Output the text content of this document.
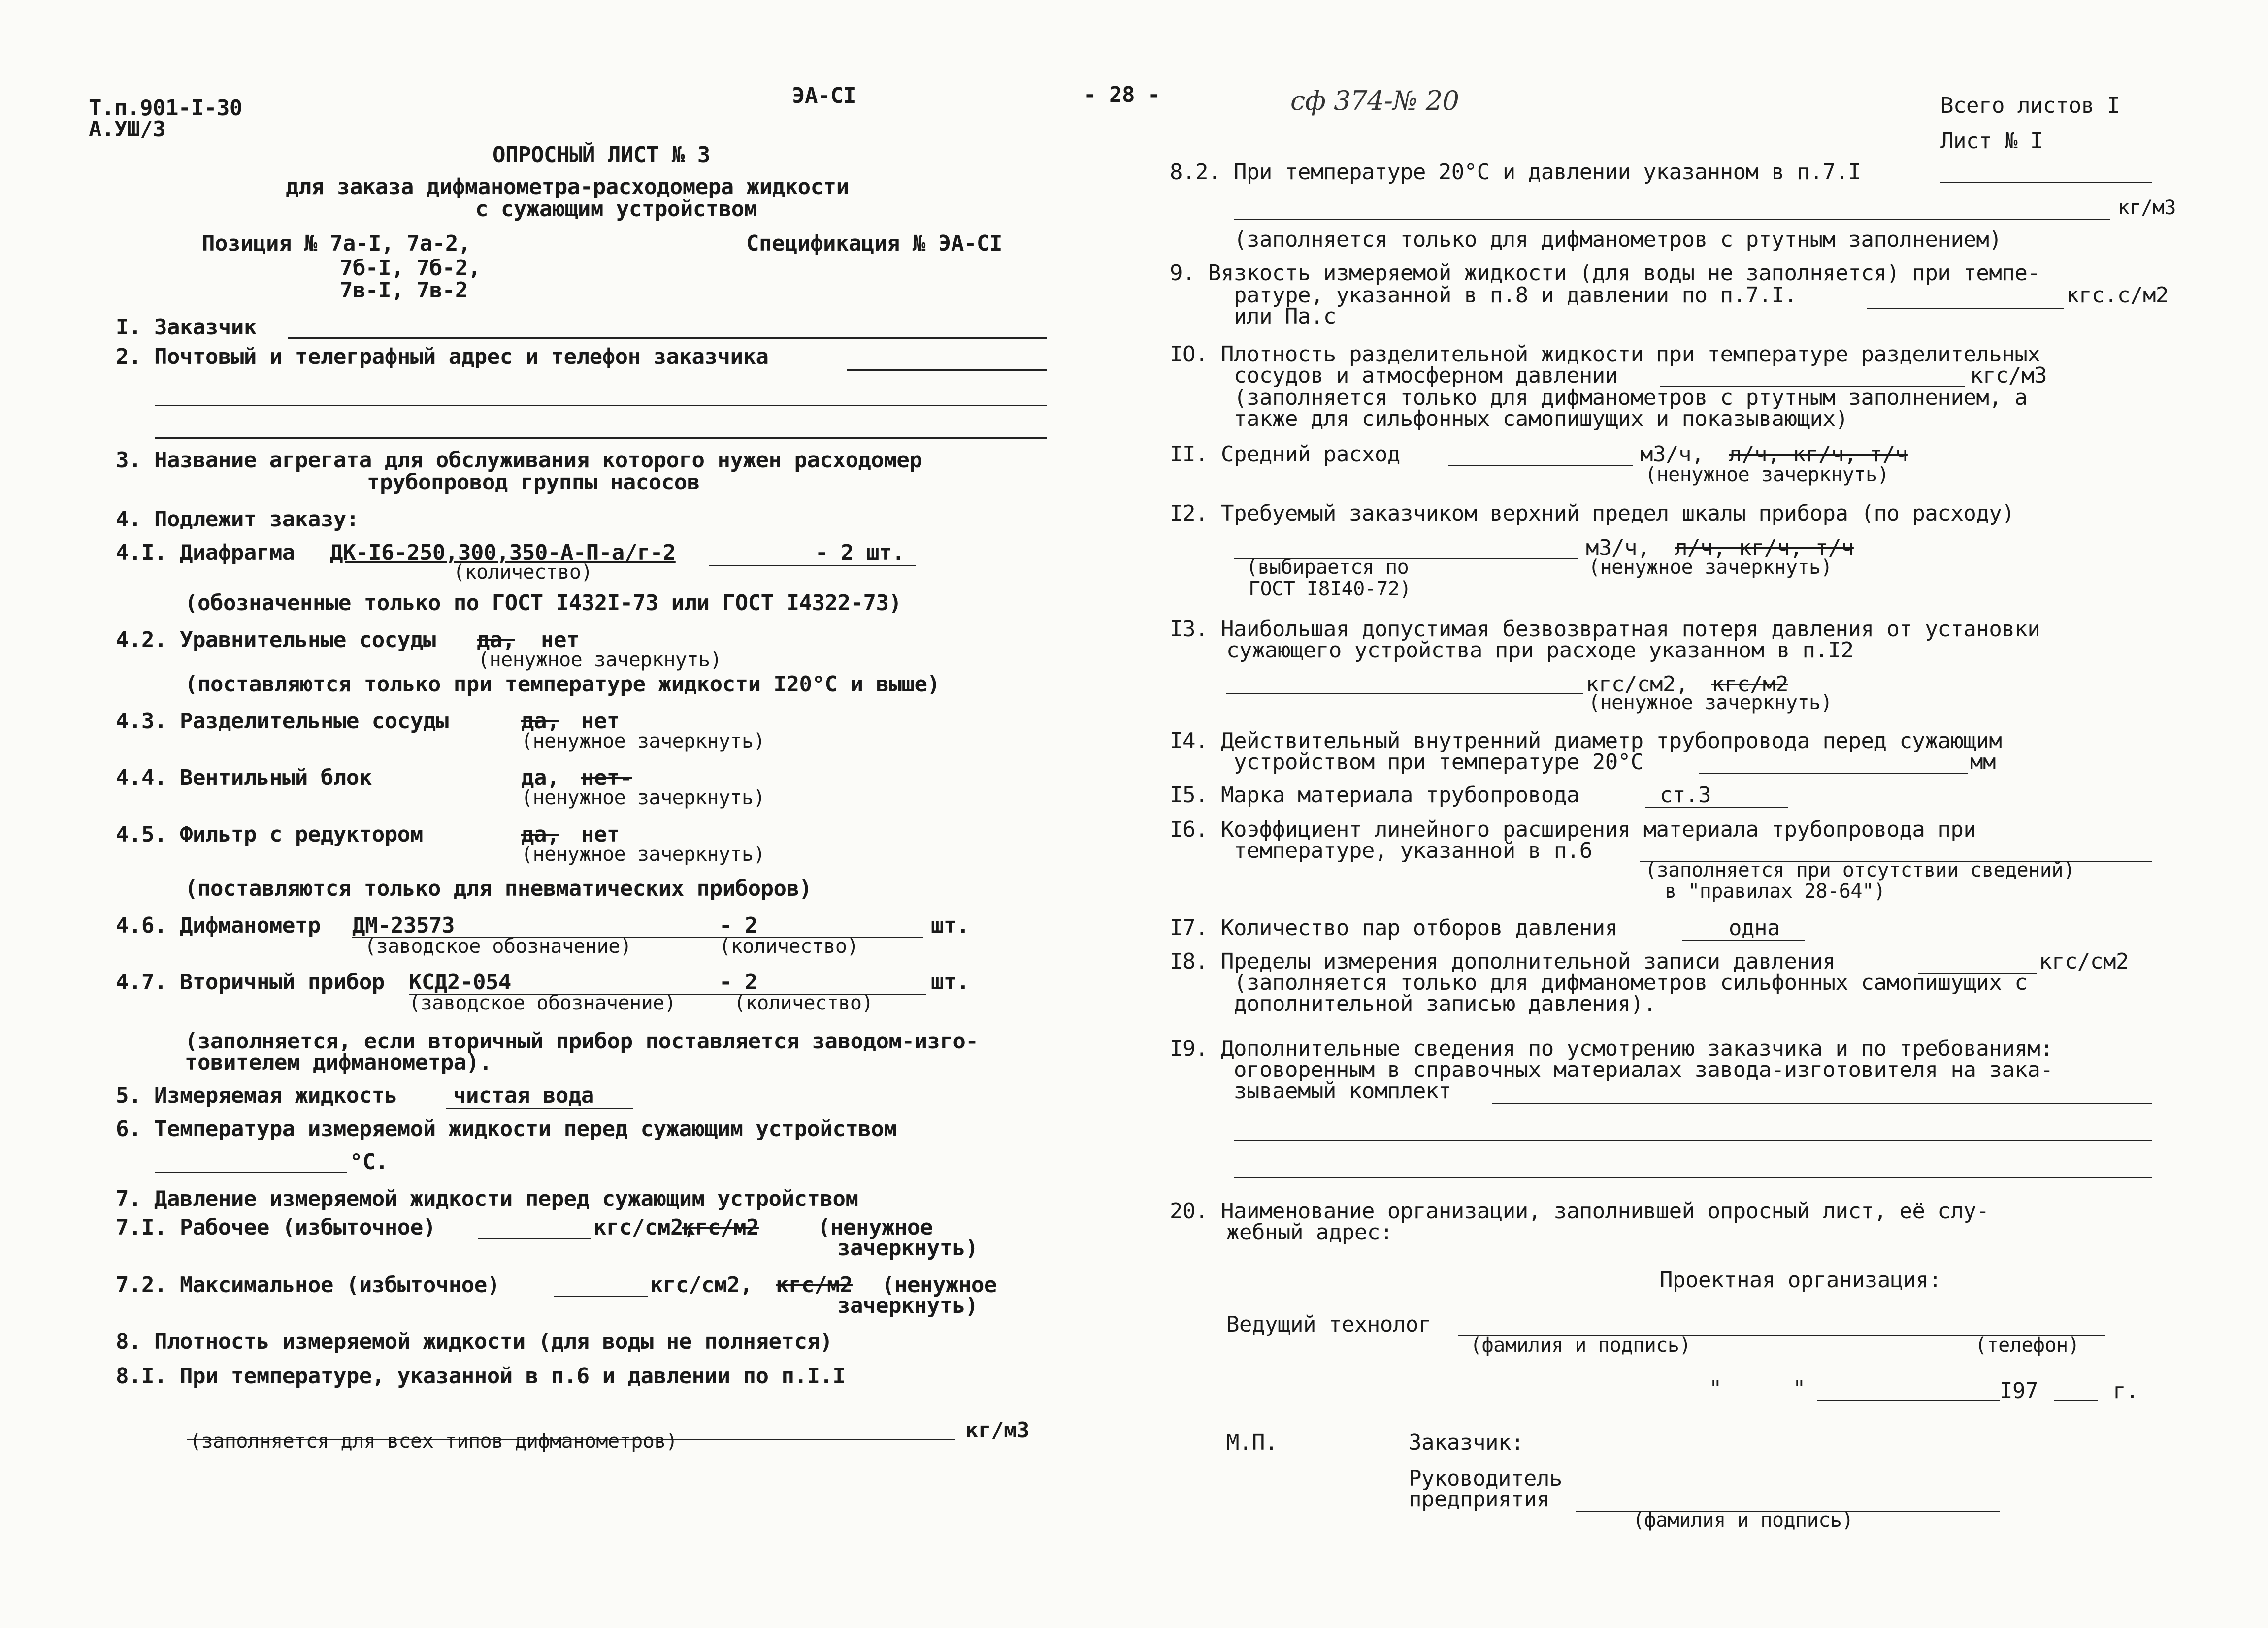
Т.п.901-I-30
А.УШ/3
ЭА-СI
ОПРОСНЫЙ ЛИСТ № 3
для заказа дифманометра-расходомера жидкости
с сужающим устройством
Позиция № 7а-I, 7а-2,
7б-I, 7б-2,
7в-I, 7в-2
Спецификация № ЭА-СI
I. Заказчик
2. Почтовый и телеграфный адрес и телефон заказчика
3. Название агрегата для обслуживания которого нужен расходомер
трубопровод группы насосов
4. Подлежит заказу:
4.I. Диафрагма ДК-I6-250,300,350-А-П-а/г-2	- 2 шт.
(количество)
(обозначенные только по ГОСТ I432I-73 или ГОСТ I4322-73)
4.2. Уравнительные сосуды да, нет
(ненужное зачеркнуть)
(поставляются только при температуре жидкости I20°С и выше)
4.3. Разделительные сосуды	да, нет
(ненужное зачеркнуть)
4.4. Вентильный блок	да, нет-
(ненужное зачеркнуть)
4.5. Фильтр с редуктором	да, нет
(ненужное зачеркнуть)
(поставляются только для пневматических приборов)
4.6. Дифманометр ДМ-23573	- 2	шт.
(заводское обозначение)	(количество)
4.7. Вторичный прибор КСД2-054	- 2	шт.
(заводское обозначение)	(количество)
(заполняется, если вторичный прибор поставляется заводом-изго-
товителем дифманометра).
5. Измеряемая жидкость	чистая вода
6. Температура измеряемой жидкости перед сужающим устройством
°С.
7. Давление измеряемой жидкости перед сужающим устройством
7.I. Рабочее (избыточное)	кгс/см2,
кгс/м2	(ненужное
зачеркнуть)
7.2. Максимальное (избыточное)	кгс/см2, кгс/м2 (ненужное
зачеркнуть)
8. Плотность измеряемой жидкости (для воды не полняется)
8.I. При температуре, указанной в п.6 и давлении по п.I.I
кг/м3
(заполняется для всех типов дифманометров)
- 28 -	сф 374-№ 20	Всего листов I
Лист № I
8.2. При температуре 20°С и давлении указанном в п.7.I
кг/м3
(заполняется только для дифманометров с ртутным заполнением)
9. Вязкость измеряемой жидкости (для воды не заполняется) при темпе-
ратуре, указанной в п.8 и давлении по п.7.I.	кгс.с/м2
или Па.с
IO. Плотность разделительной жидкости при температуре разделительных
сосудов и атмосферном давлении	кгс/м3
(заполняется только для дифманометров с ртутным заполнением, а
также для сильфонных самопишущих и показывающих)
II. Средний расход	м3/ч, л/ч, кг/ч, т/ч
(ненужное зачеркнуть)
I2. Требуемый заказчиком верхний предел шкалы прибора (по расходу)
м3/ч, л/ч, кг/ч, т/ч
(выбирается по	(ненужное зачеркнуть)
ГОСТ I8I40-72)
I3. Наибольшая допустимая безвозвратная потеря давления от установки
сужающего устройства при расходе указанном в п.I2
кгс/см2, кгс/м2
(ненужное зачеркнуть)
I4. Действительный внутренний диаметр трубопровода перед сужающим
устройством при температуре 20°С	мм
I5. Марка материала трубопровода	ст.3
I6. Коэффициент линейного расширения материала трубопровода при
температуре, указанной в п.6
(заполняется при отсутствии сведений)
в "правилах 28-64")
I7. Количество пар отборов давления	одна
I8. Пределы измерения дополнительной записи давления	кгс/см2
(заполняется только для дифманометров сильфонных самопишущих с
дополнительной записью давления).
I9. Дополнительные сведения по усмотрению заказчика и по требованиям:
оговоренным в справочных материалах завода-изготовителя на зака-
зываемый комплект
20. Наименование организации, заполнившей опросный лист, её слу-
жебный адрес:
Проектная организация:
Ведущий технолог
(фамилия и подпись)	(телефон)
"	"	I97	г.
М.П.	Заказчик:
Руководитель
предприятия
(фамилия и подпись)
